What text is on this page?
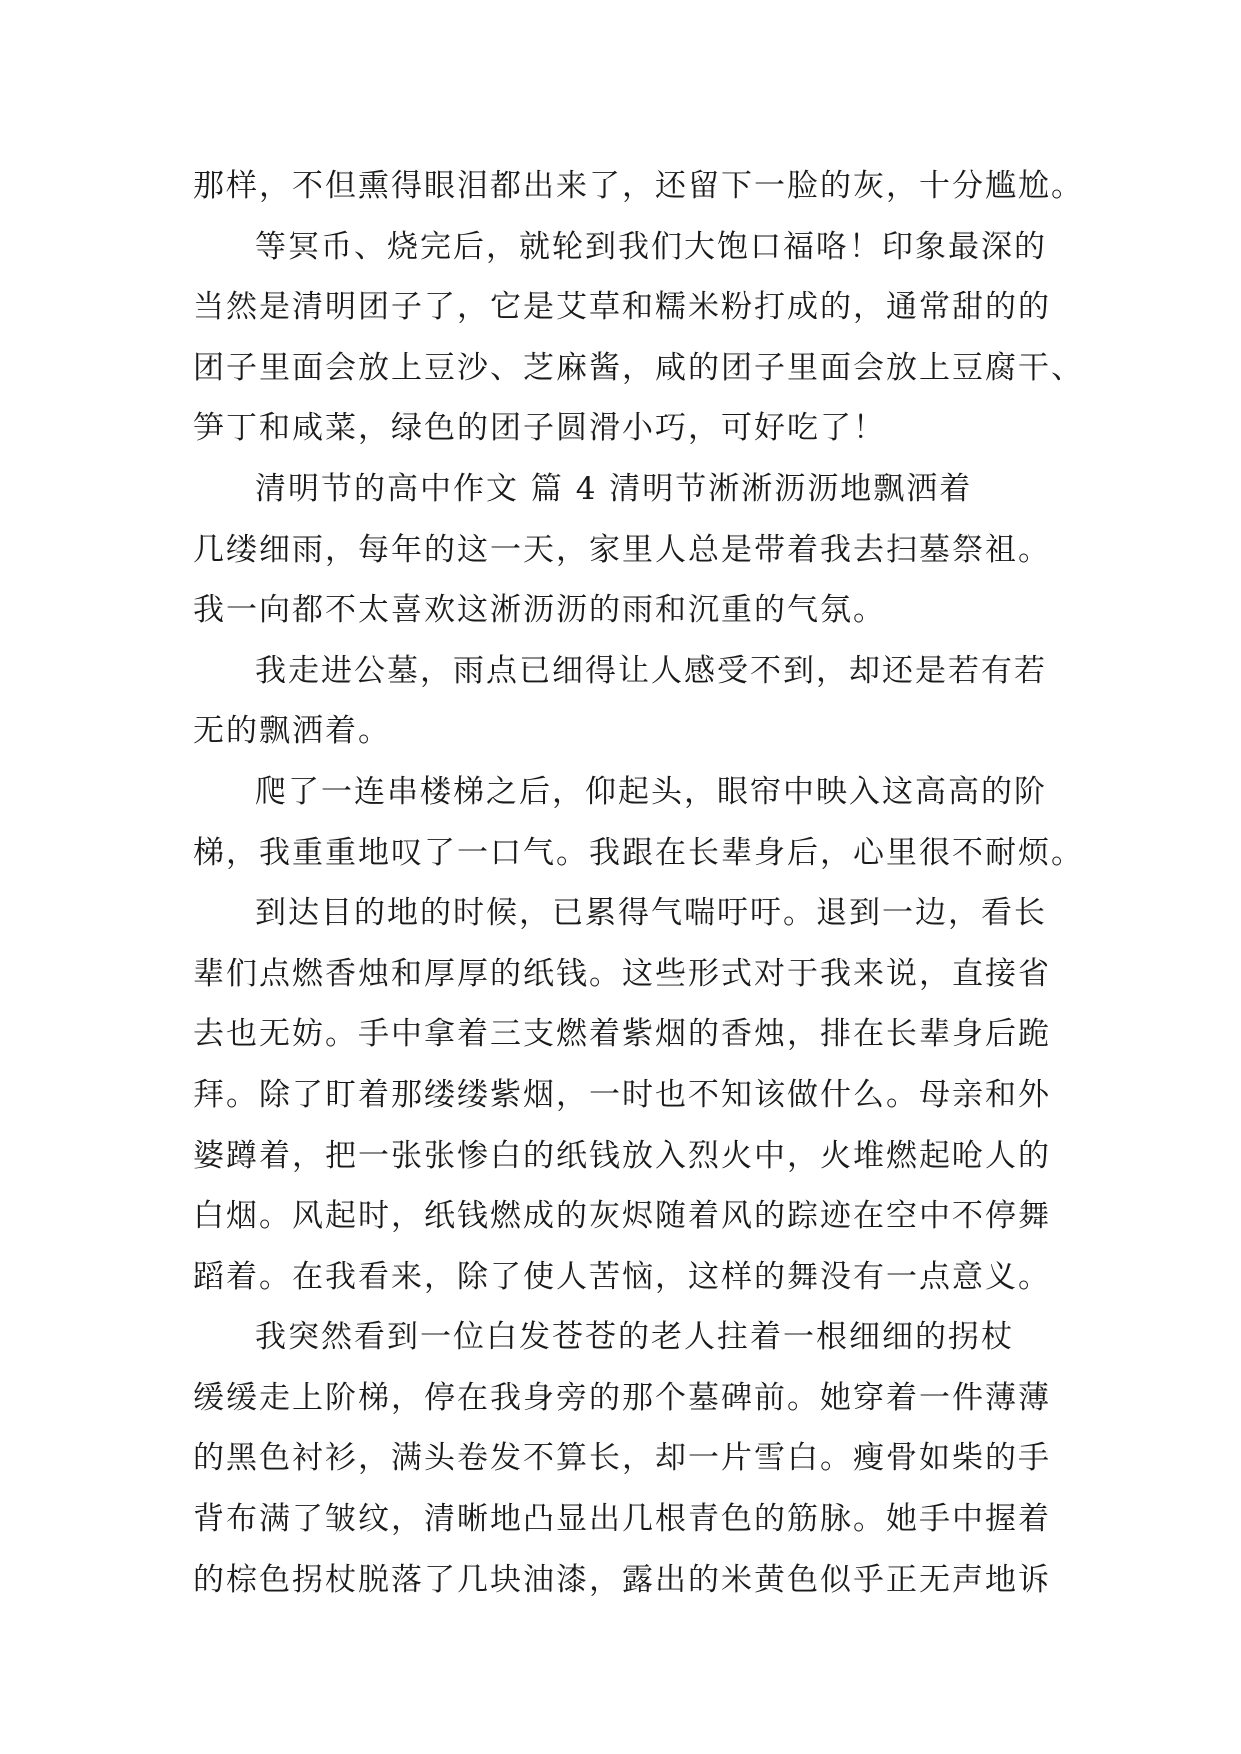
那样，不但熏得眼泪都出来了，还留下一脸的灰，十分尴尬。
等冥币、烧完后，就轮到我们大饱口福咯！印象最深的
当然是清明团子了，它是艾草和糯米粉打成的，通常甜的的
团子里面会放上豆沙、芝麻酱，咸的团子里面会放上豆腐干、
笋丁和咸菜，绿色的团子圆滑小巧，可好吃了！
清明节的高中作文 篇 4 清明节淅淅沥沥地飘洒着
几缕细雨，每年的这一天，家里人总是带着我去扫墓祭祖。
我一向都不太喜欢这淅沥沥的雨和沉重的气氛。
我走进公墓，雨点已细得让人感受不到，却还是若有若
无的飘洒着。
爬了一连串楼梯之后，仰起头，眼帘中映入这高高的阶
梯，我重重地叹了一口气。我跟在长辈身后，心里很不耐烦。
到达目的地的时候，已累得气喘吁吁。退到一边，看长
辈们点燃香烛和厚厚的纸钱。这些形式对于我来说，直接省
去也无妨。手中拿着三支燃着紫烟的香烛，排在长辈身后跪
拜。除了盯着那缕缕紫烟，一时也不知该做什么。母亲和外
婆蹲着，把一张张惨白的纸钱放入烈火中，火堆燃起呛人的
白烟。风起时，纸钱燃成的灰烬随着风的踪迹在空中不停舞
蹈着。在我看来，除了使人苦恼，这样的舞没有一点意义。
我突然看到一位白发苍苍的老人拄着一根细细的拐杖
缓缓走上阶梯，停在我身旁的那个墓碑前。她穿着一件薄薄
的黑色衬衫，满头卷发不算长，却一片雪白。瘦骨如柴的手
背布满了皱纹，清晰地凸显出几根青色的筋脉。她手中握着
的棕色拐杖脱落了几块油漆，露出的米黄色似乎正无声地诉
